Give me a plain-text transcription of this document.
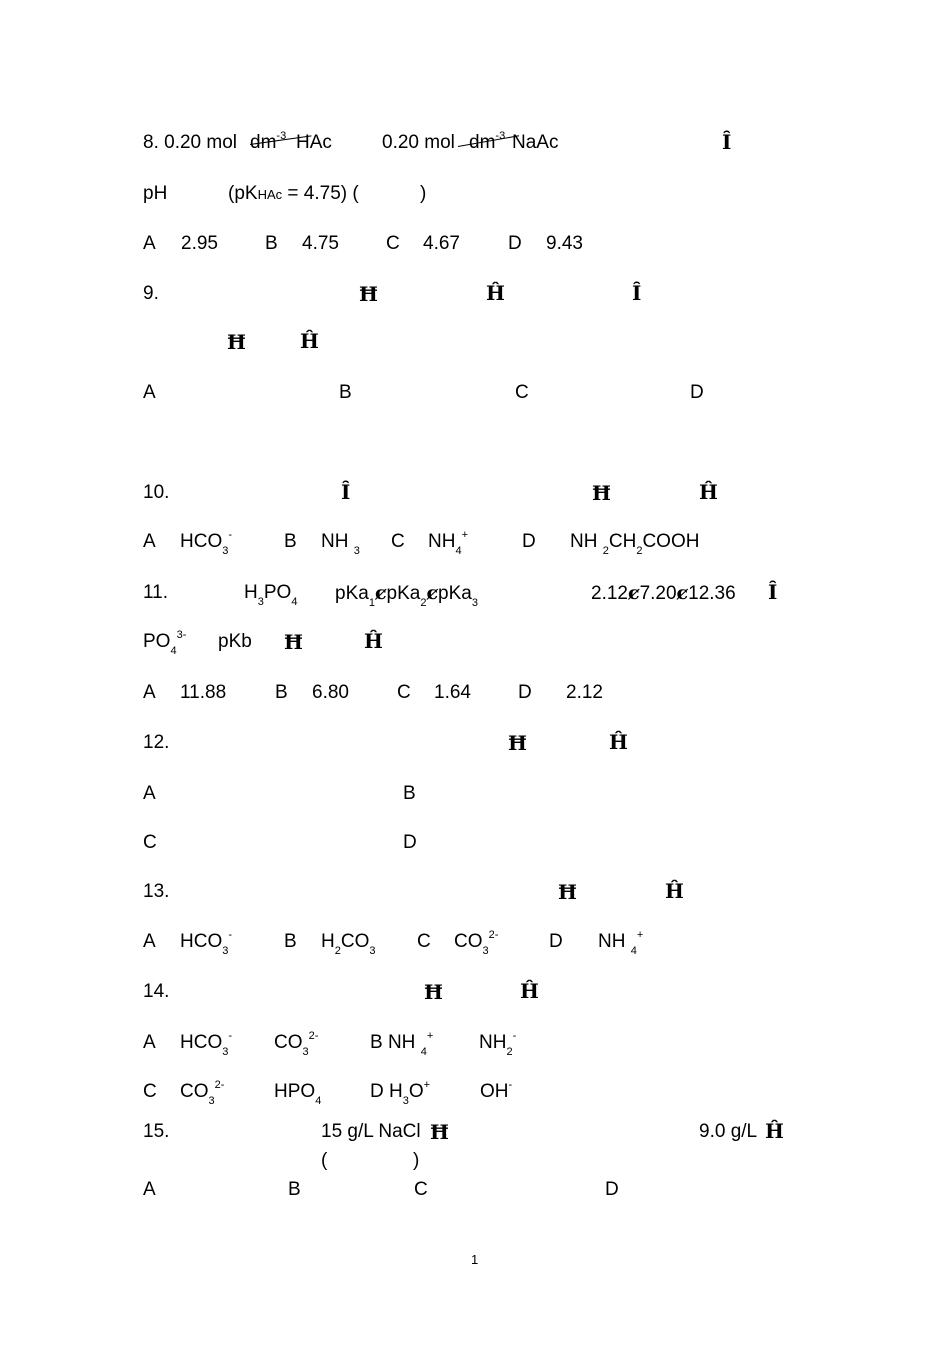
8. 0.20 mol $dm^{-3}$ HAc	0.20 mol $dm^{-3}$ NaAc	Ȋ
pH	(pKHAc = 4.75) (	)
A 2.95 B 4.75 C 4.67	D 9.43
9.	Ħ	Ĥ	Ȋ
Ħ	Ĥ
A	B	C	D
10.	Ȋ	Ħ	Ĥ
A $HCO_3^-$	B NH $_3$ C $NH_4^+$	D NH $_2CH_2COOH$
11.	$H_3PO_4$ pKa$_1$ȼpKa$_2$ȼpKa$_3$	2.12ȼ7.20ȼ12.36 Ȋ
$PO_4^{3-}$ pKb Ħ	Ĥ
A 11.88	B 6.80	C 1.64 D 2.12
12.	Ħ	Ĥ
A	B
C	D
13.	Ħ	Ĥ
A $HCO_3^-$	B $H_2CO_3$ C $CO_3^{2-}$	D NH $_4$+
14.	Ħ	Ĥ
A $HCO_3^-$ $CO_3^{2-}$	B NH $_4$+ $NH_2^-$
C $CO_3^{2-}$	$HPO_4$	D $H_3O^+$	OH-
15.	15 g/L NaCl Ħ	9.0 g/L Ĥ
(	)
A	B	C	D
1
